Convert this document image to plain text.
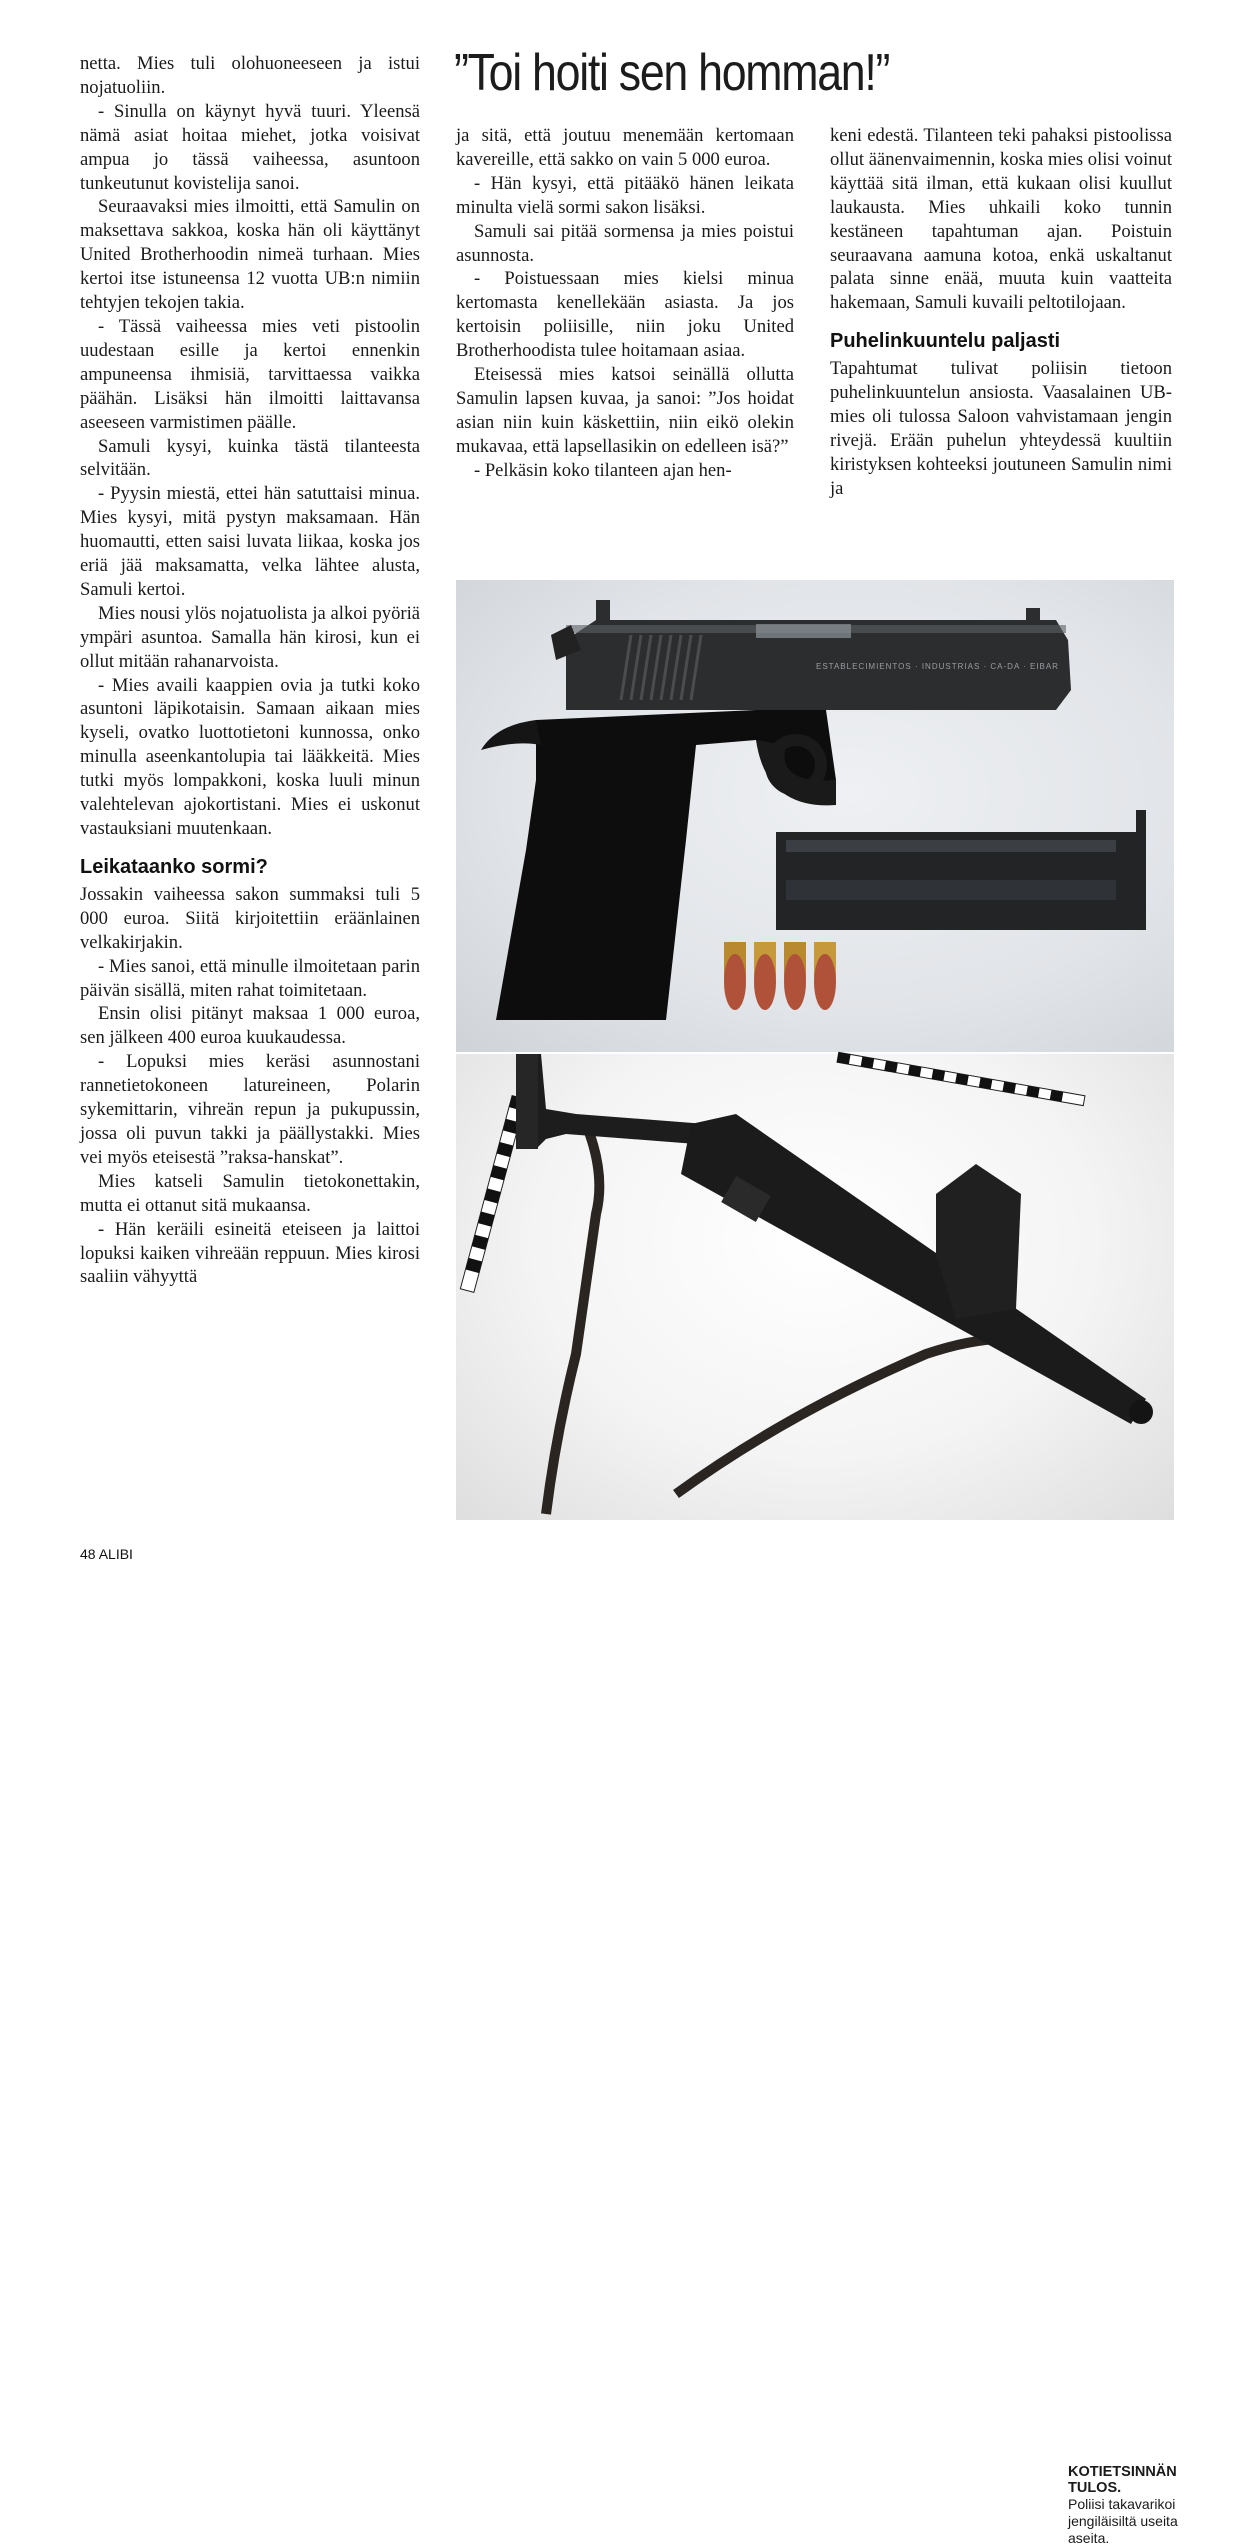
”Toi hoiti sen homman!”

netta. Mies tuli olohuoneeseen ja istui nojatuoliin.

- Sinulla on käynyt hyvä tuuri. Yleensä nämä asiat hoitaa miehet, jotka voisivat ampua jo tässä vaiheessa, asuntoon tunkeutunut kovistelija sanoi.

Seuraavaksi mies ilmoitti, että Samulin on maksettava sakkoa, koska hän oli käyttänyt United Brotherhoodin nimeä turhaan. Mies kertoi itse istuneensa 12 vuotta UB:n nimiin tehtyjen tekojen takia.

- Tässä vaiheessa mies veti pistoolin uudestaan esille ja kertoi ennenkin ampuneensa ihmisiä, tarvittaessa vaikka päähän. Lisäksi hän ilmoitti laittavansa aseeseen varmistimen päälle.

Samuli kysyi, kuinka tästä tilanteesta selvitään.

- Pyysin miestä, ettei hän satuttaisi minua. Mies kysyi, mitä pystyn maksamaan. Hän huomautti, etten saisi luvata liikaa, koska jos eriä jää maksamatta, velka lähtee alusta, Samuli kertoi.

Mies nousi ylös nojatuolista ja alkoi pyöriä ympäri asuntoa. Samalla hän kirosi, kun ei ollut mitään rahanarvoista.

- Mies availi kaappien ovia ja tutki koko asuntoni läpikotaisin. Samaan aikaan mies kyseli, ovatko luottotietoni kunnossa, onko minulla aseenkantolupia tai lääkkeitä. Mies tutki myös lompakkoni, koska luuli minun valehtelevan ajokortistani. Mies ei uskonut vastauksiani muutenkaan.

Leikataanko sormi?

Jossakin vaiheessa sakon summaksi tuli 5 000 euroa. Siitä kirjoitettiin eräänlainen velkakirjakin.

- Mies sanoi, että minulle ilmoitetaan parin päivän sisällä, miten rahat toimitetaan.

Ensin olisi pitänyt maksaa 1 000 euroa, sen jälkeen 400 euroa kuukaudessa.

- Lopuksi mies keräsi asunnostani rannetietokoneen latureineen, Polarin sykemittarin, vihreän repun ja pukupussin, jossa oli puvun takki ja päällystakki. Mies vei myös eteisestä ”raksa-hanskat”.

Mies katseli Samulin tietokonettakin, mutta ei ottanut sitä mukaansa.

- Hän keräili esineitä eteiseen ja laittoi lopuksi kaiken vihreään reppuun. Mies kirosi saaliin vähyyttä

ja sitä, että joutuu menemään kertomaan kavereille, että sakko on vain 5 000 euroa.

- Hän kysyi, että pitääkö hänen leikata minulta vielä sormi sakon lisäksi.

Samuli sai pitää sormensa ja mies poistui asunnosta.

- Poistuessaan mies kielsi minua kertomasta kenellekään asiasta. Ja jos kertoisin poliisille, niin joku United Brotherhoodista tulee hoitamaan asiaa.

Eteisessä mies katsoi seinällä ollutta Samulin lapsen kuvaa, ja sanoi: ”Jos hoidat asian niin kuin käskettiin, niin eikö olekin mukavaa, että lapsellasikin on edelleen isä?”

- Pelkäsin koko tilanteen ajan hen-

keni edestä. Tilanteen teki pahaksi pistoolissa ollut äänenvaimennin, koska mies olisi voinut käyttää sitä ilman, että kukaan olisi kuullut laukausta. Mies uhkaili koko tunnin kestäneen tapahtuman ajan. Poistuin seuraavana aamuna kotoa, enkä uskaltanut palata sinne enää, muuta kuin vaatteita hakemaan, Samuli kuvaili peltotilojaan.

Puhelinkuuntelu paljasti

Tapahtumat tulivat poliisin tietoon puhelinkuuntelun ansiosta. Vaasalainen UB-mies oli tulossa Saloon vahvistamaan jengin rivejä. Erään puhelun yhteydessä kuultiin kiristyksen kohteeksi joutuneen Samulin nimi ja

ESTABLECIMIENTOS · INDUSTRIAS · CA-DA · EIBAR
KOTIETSINNÄN TULOS.
Poliisi takavarikoi jengiläisiltä useita aseita.
48 ALIBI
